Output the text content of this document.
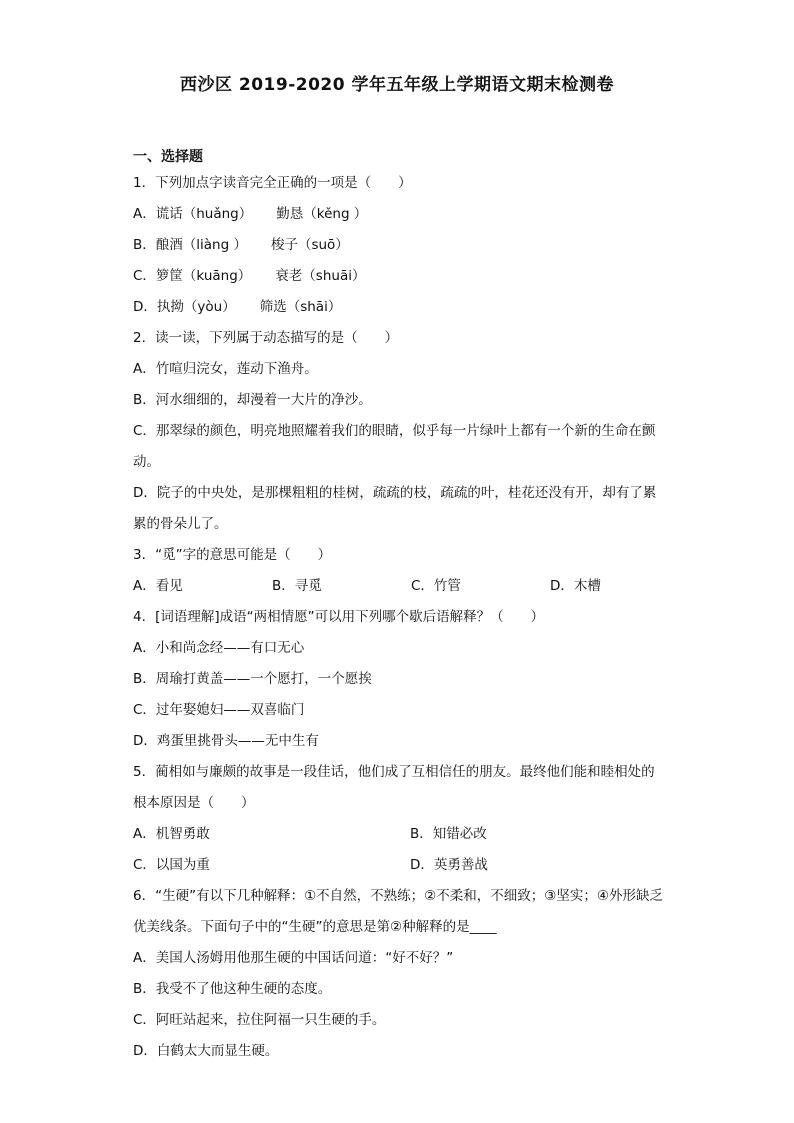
西沙区 2019-2020 学年五年级上学期语文期末检测卷
一、选择题
1．下列加点字读音完全正确的一项是（　　）
A．谎话（huǎng） 勤恳（kěng ）
B．酿酒（liàng ） 梭子（suō）
C．箩筐（kuāng） 衰老（shuāi）
D．执拗（yòu） 筛选（shāi）
2．读一读，下列属于动态描写的是（　　）
A．竹喧归浣女，莲动下渔舟。
B．河水细细的，却漫着一大片的净沙。
C．那翠绿的颜色，明亮地照耀着我们的眼睛，似乎每一片绿叶上都有一个新的生命在颤动。
D．院子的中央处，是那棵粗粗的桂树，疏疏的枝，疏疏的叶，桂花还没有开，却有了累累的骨朵儿了。
3．“觅”字的意思可能是（　　）
A．看见	B．寻觅	C．竹管	D．木槽
4．[词语理解]成语“两相情愿”可以用下列哪个歇后语解释？（　　）
A．小和尚念经——有口无心
B．周瑜打黄盖——一个愿打，一个愿挨
C．过年娶媳妇——双喜临门
D．鸡蛋里挑骨头——无中生有
5．蔺相如与廉颇的故事是一段佳话，他们成了互相信任的朋友。最终他们能和睦相处的根本原因是（　　）
A．机智勇敢	B．知错必改
C．以国为重	D．英勇善战
6．“生硬”有以下几种解释：①不自然，不熟练；②不柔和，不细致；③坚实；④外形缺乏优美线条。下面句子中的“生硬”的意思是第②种解释的是____
A．美国人汤姆用他那生硬的中国话问道：“好不好？”
B．我受不了他这种生硬的态度。
C．阿旺站起来，拉住阿福一只生硬的手。
D．白鹤太大而显生硬。
